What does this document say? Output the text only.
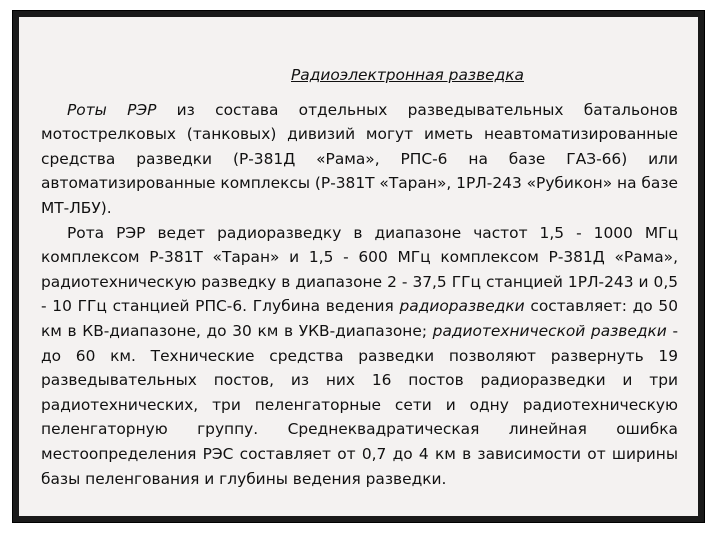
Радиоэлектронная разведка

Роты РЭР из состава отдельных разведывательных батальонов мотострелковых (танковых) дивизий могут иметь неавтоматизированные средства разведки (Р-381Д «Рама», РПС-6 на базе ГАЗ-66) или автоматизированные комплексы (Р-381Т «Таран», 1РЛ-243 «Рубикон» на базе МТ-ЛБУ).

Рота РЭР ведет радиоразведку в диапазоне частот 1,5 - 1000 МГц комплексом Р-381Т «Таран» и 1,5 - 600 МГц комплексом Р-381Д «Рама», радиотехническую разведку в диапазоне 2 - 37,5 ГГц станцией 1РЛ-243 и 0,5 - 10 ГГц станцией РПС-6. Глубина ведения радиоразведки составляет: до 50 км в КВ-диапазоне, до 30 км в УКВ-диапазоне; радиотехнической разведки - до 60 км. Технические средства разведки позволяют развернуть 19 разведывательных постов, из них 16 постов радиоразведки и три радиотехнических, три пеленгаторные сети и одну радиотехническую пеленгаторную группу. Среднеквадратическая линейная ошибка местоопределения РЭС составляет от 0,7 до 4 км в зависимости от ширины базы пеленгования и глубины ведения разведки.
